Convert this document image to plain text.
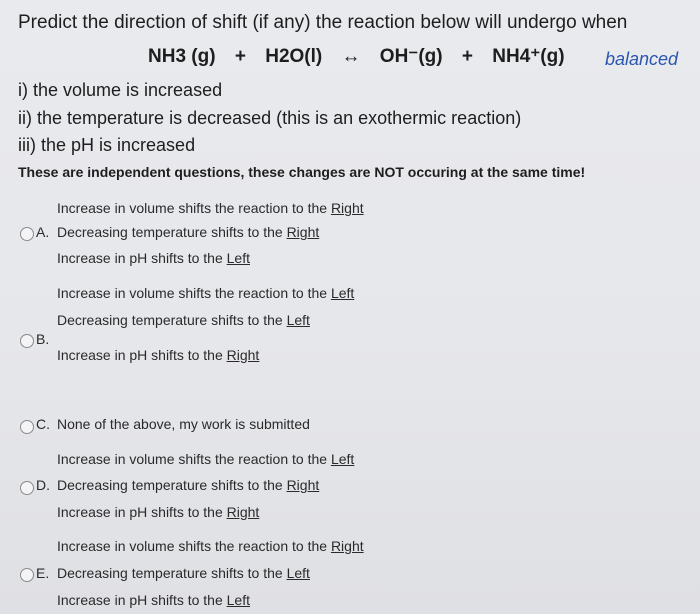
Predict the direction of shift (if any) the reaction below will undergo when
NH3 (g) + H2O(l) ↔ OH⁻(g) + NH4⁺(g) balanced
i) the volume is increased
ii) the temperature is decreased (this is an exothermic reaction)
iii) the pH is increased
These are independent questions, these changes are NOT occuring at the same time!
Increase in volume shifts the reaction to the Right
A. Decreasing temperature shifts to the Right
Increase in pH shifts to the Left
B.
Increase in volume shifts the reaction to the Left
Decreasing temperature shifts to the Left
Increase in pH shifts to the Right
C. None of the above, my work is submitted
Increase in volume shifts the reaction to the Left
D. Decreasing temperature shifts to the Right
Increase in pH shifts to the Right
Increase in volume shifts the reaction to the Right
E. Decreasing temperature shifts to the Left
Increase in pH shifts to the Left
